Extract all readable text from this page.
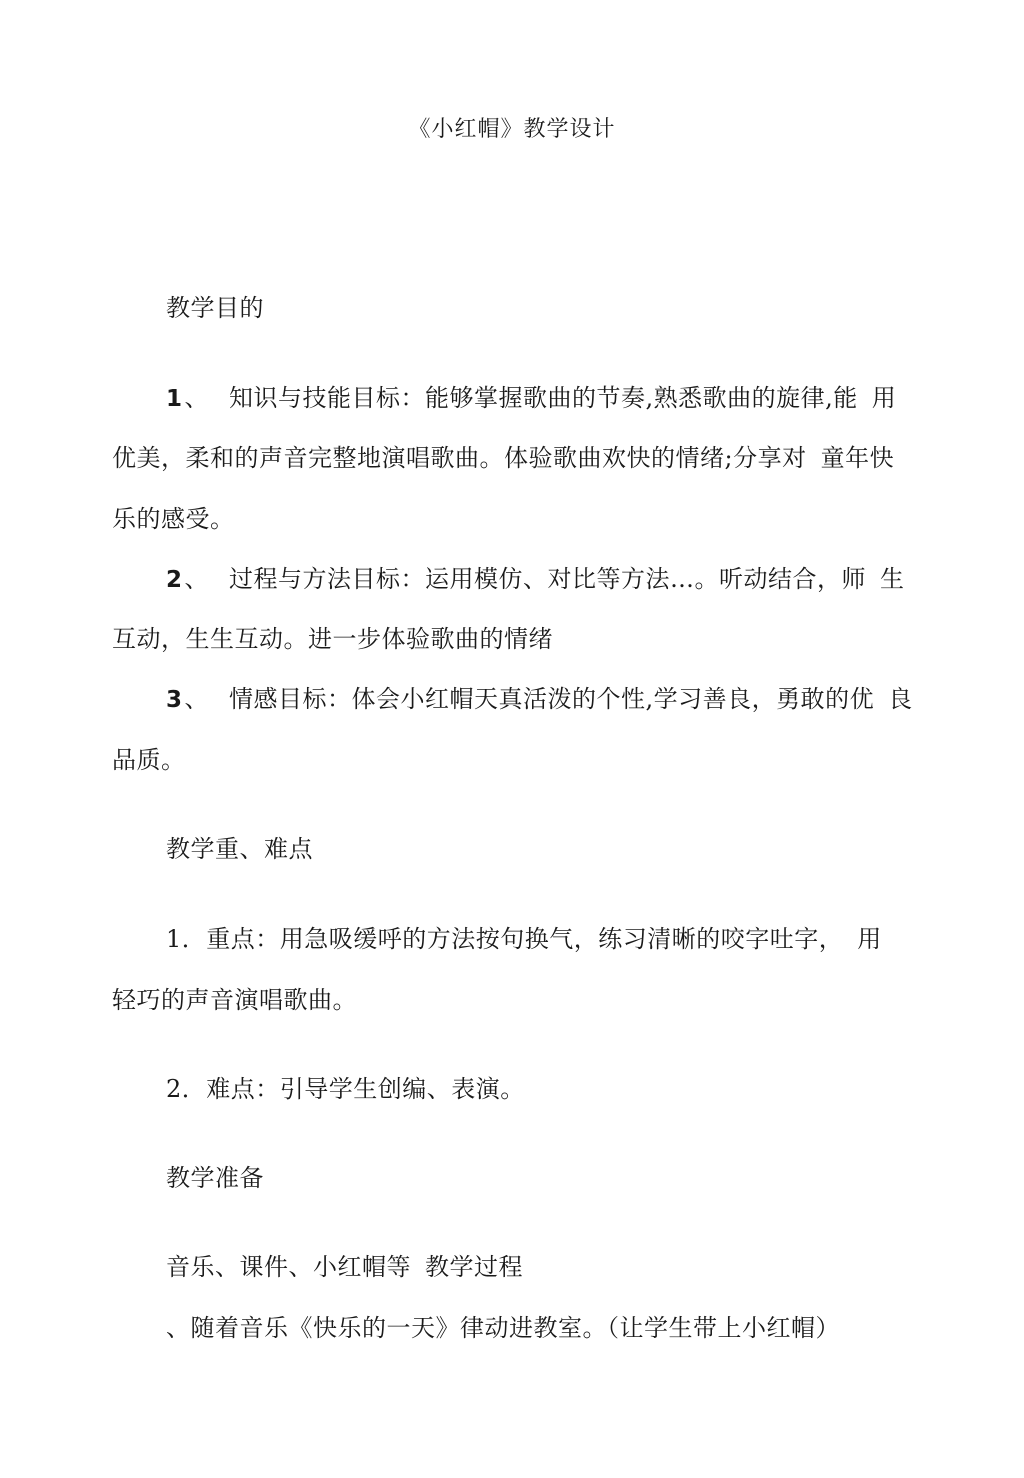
《小红帽》教学设计
教学目的
1、 知识与技能目标：能够掌握歌曲的节奏,熟悉歌曲的旋律,能 用
优美，柔和的声音完整地演唱歌曲。体验歌曲欢快的情绪;分享对 童年快
乐的感受。
2、 过程与方法目标：运用模仿、对比等方法…。听动结合，师 生
互动，生生互动。进一步体验歌曲的情绪
3、 情感目标：体会小红帽天真活泼的个性,学习善良，勇敢的优 良
品质。
教学重、难点
1．重点：用急吸缓呼的方法按句换气，练习清晰的咬字吐字， 用
轻巧的声音演唱歌曲。
2．难点：引导学生创编、表演。
教学准备
音乐、课件、小红帽等 教学过程
、随着音乐《快乐的一天》律动进教室。（让学生带上小红帽）
